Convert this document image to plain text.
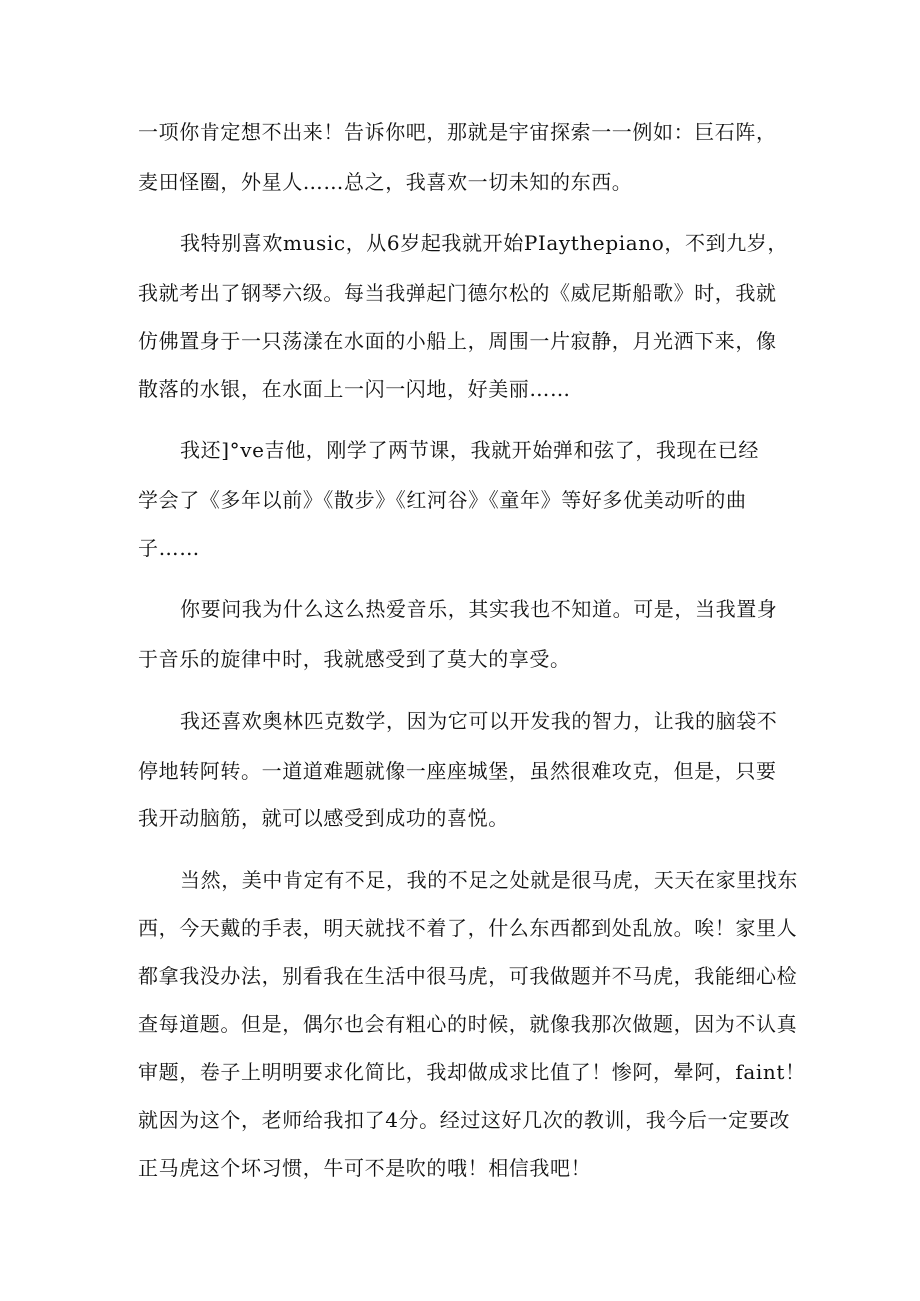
一项你肯定想不出来！告诉你吧，那就是宇宙探索一一例如：巨石阵，
麦田怪圈，外星人……总之，我喜欢一切未知的东西。
我特别喜欢music，从6岁起我就开始PIaythepiano，不到九岁，
我就考出了钢琴六级。每当我弹起门德尔松的《威尼斯船歌》时，我就
仿佛置身于一只荡漾在水面的小船上，周围一片寂静，月光洒下来，像
散落的水银，在水面上一闪一闪地，好美丽……
我还]°ve吉他，刚学了两节课，我就开始弹和弦了，我现在已经
学会了《多年以前》《散步》《红河谷》《童年》等好多优美动听的曲
子……
你要问我为什么这么热爱音乐，其实我也不知道。可是，当我置身
于音乐的旋律中时，我就感受到了莫大的享受。
我还喜欢奥林匹克数学，因为它可以开发我的智力，让我的脑袋不
停地转阿转。一道道难题就像一座座城堡，虽然很难攻克，但是，只要
我开动脑筋，就可以感受到成功的喜悦。
当然，美中肯定有不足，我的不足之处就是很马虎，天天在家里找东
西，今天戴的手表，明天就找不着了，什么东西都到处乱放。唉！家里人
都拿我没办法，别看我在生活中很马虎，可我做题并不马虎，我能细心检
查每道题。但是，偶尔也会有粗心的时候，就像我那次做题，因为不认真
审题，卷子上明明要求化简比，我却做成求比值了！惨阿，晕阿，faint！
就因为这个，老师给我扣了4分。经过这好几次的教训，我今后一定要改
正马虎这个坏习惯，牛可不是吹的哦！相信我吧！
